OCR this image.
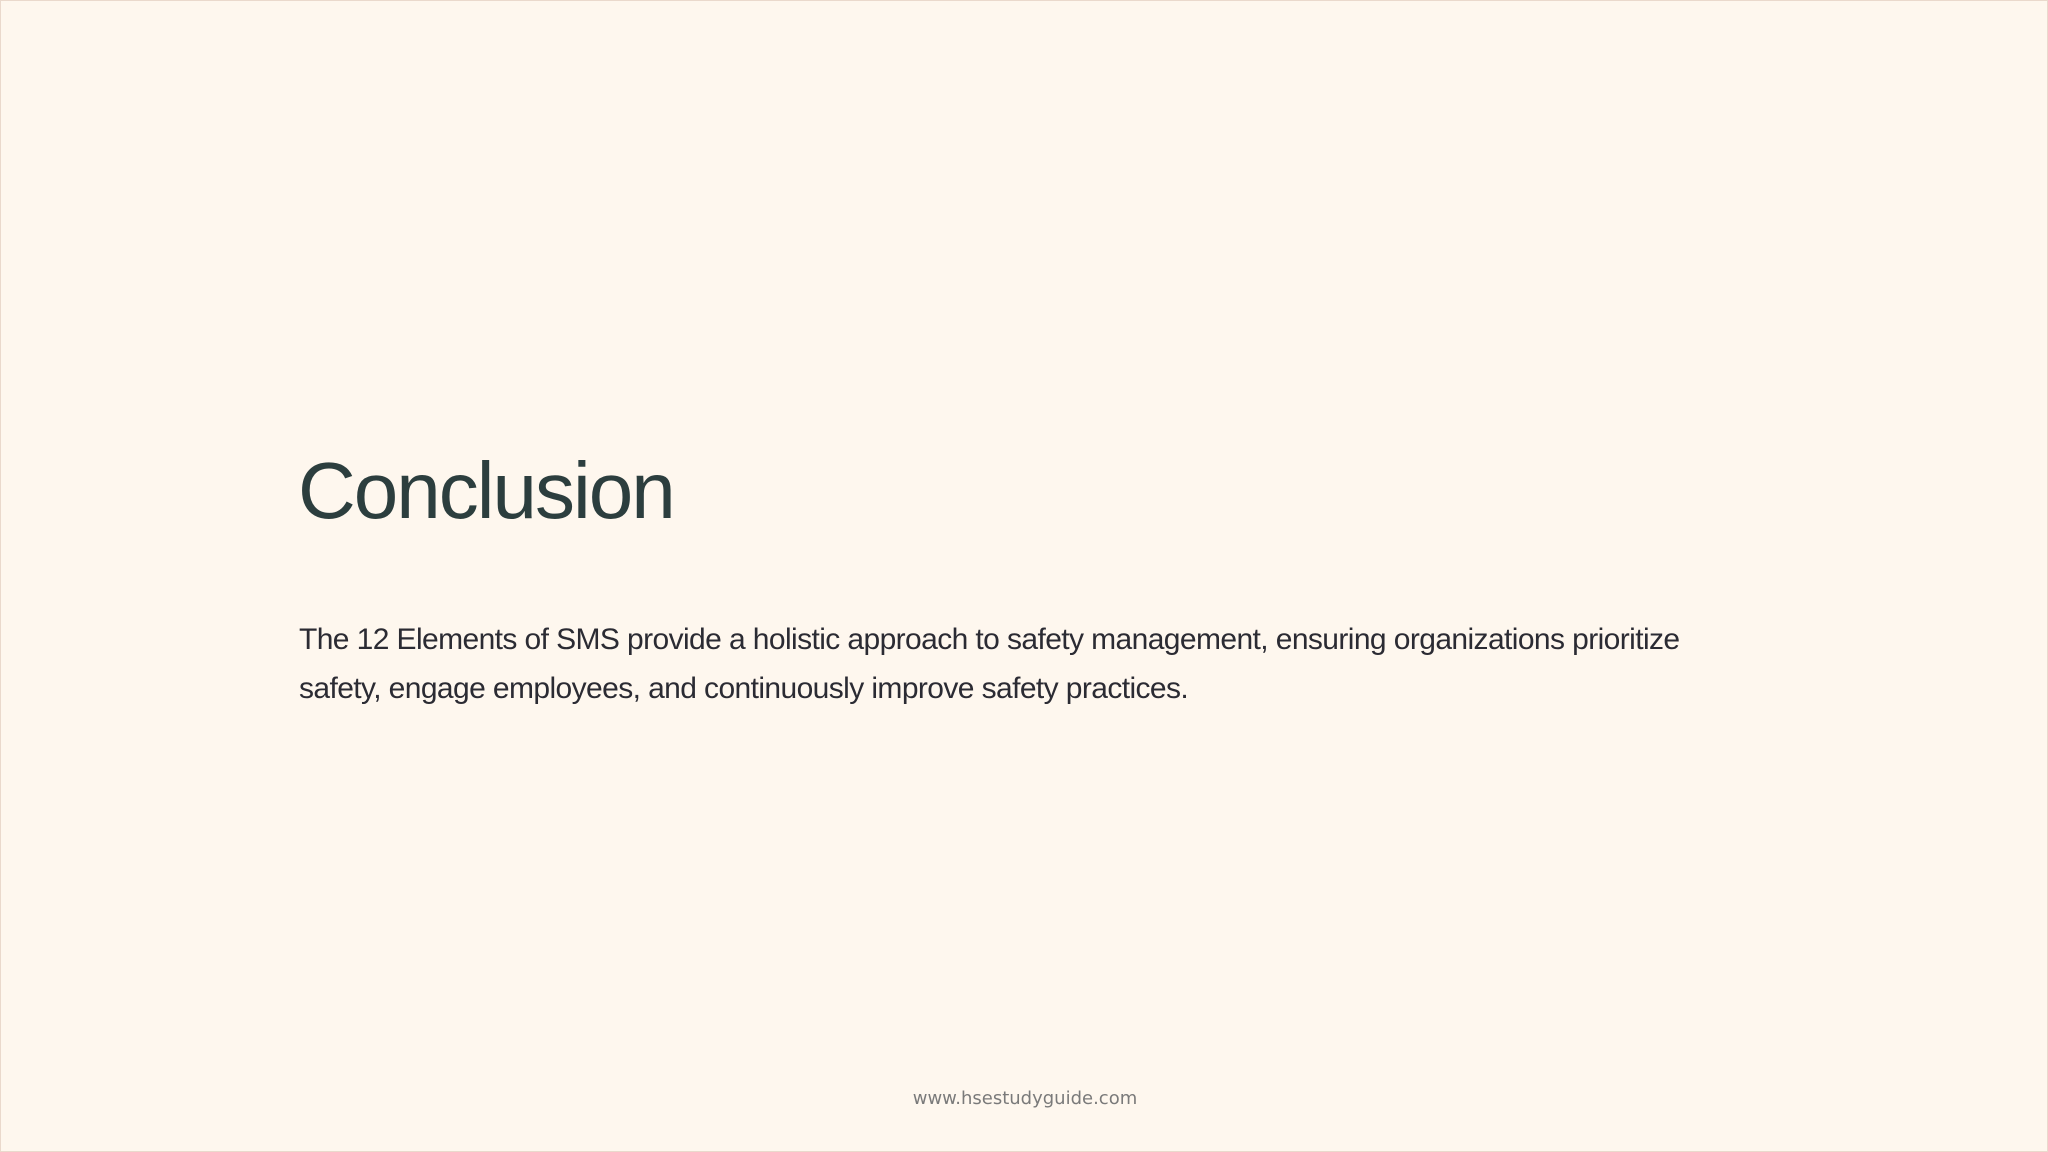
Conclusion

The 12 Elements of SMS provide a holistic approach to safety management, ensuring organizations prioritize safety, engage employees, and continuously improve safety practices.

www.hsestudyguide.com
